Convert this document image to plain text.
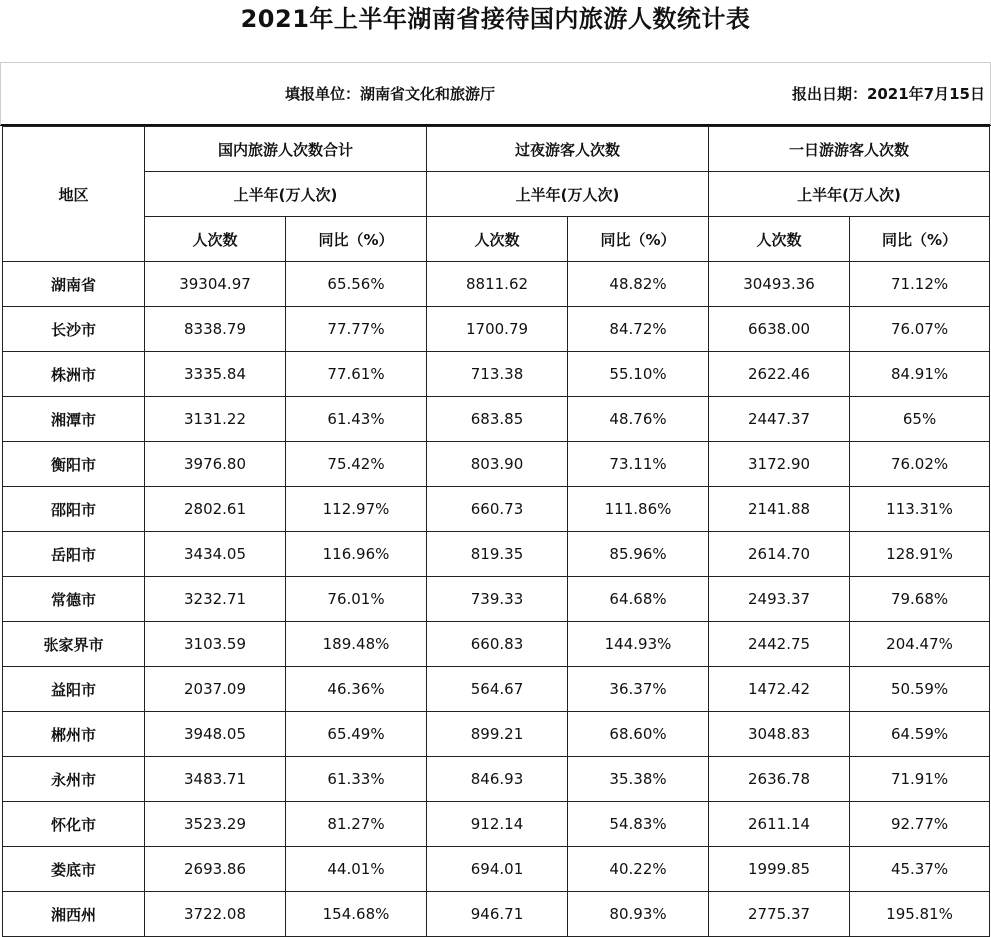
2021年上半年湖南省接待国内旅游人数统计表
填报单位：湖南省文化和旅游厅	报出日期：2021年7月15日
地区	国内旅游人次数合计		过夜游客人次数		一日游游客人次数	
	上半年(万人次)		上半年(万人次)		上半年(万人次)	
	人次数	同比（%）	人次数	同比（%）	人次数	同比（%）
湖南省	39304.97	65.56%	8811.62	48.82%	30493.36	71.12%
长沙市	8338.79	77.77%	1700.79	84.72%	6638.00	76.07%
株洲市	3335.84	77.61%	713.38	55.10%	2622.46	84.91%
湘潭市	3131.22	61.43%	683.85	48.76%	2447.37	65%
衡阳市	3976.80	75.42%	803.90	73.11%	3172.90	76.02%
邵阳市	2802.61	112.97%	660.73	111.86%	2141.88	113.31%
岳阳市	3434.05	116.96%	819.35	85.96%	2614.70	128.91%
常德市	3232.71	76.01%	739.33	64.68%	2493.37	79.68%
张家界市	3103.59	189.48%	660.83	144.93%	2442.75	204.47%
益阳市	2037.09	46.36%	564.67	36.37%	1472.42	50.59%
郴州市	3948.05	65.49%	899.21	68.60%	3048.83	64.59%
永州市	3483.71	61.33%	846.93	35.38%	2636.78	71.91%
怀化市	3523.29	81.27%	912.14	54.83%	2611.14	92.77%
娄底市	2693.86	44.01%	694.01	40.22%	1999.85	45.37%
湘西州	3722.08	154.68%	946.71	80.93%	2775.37	195.81%
